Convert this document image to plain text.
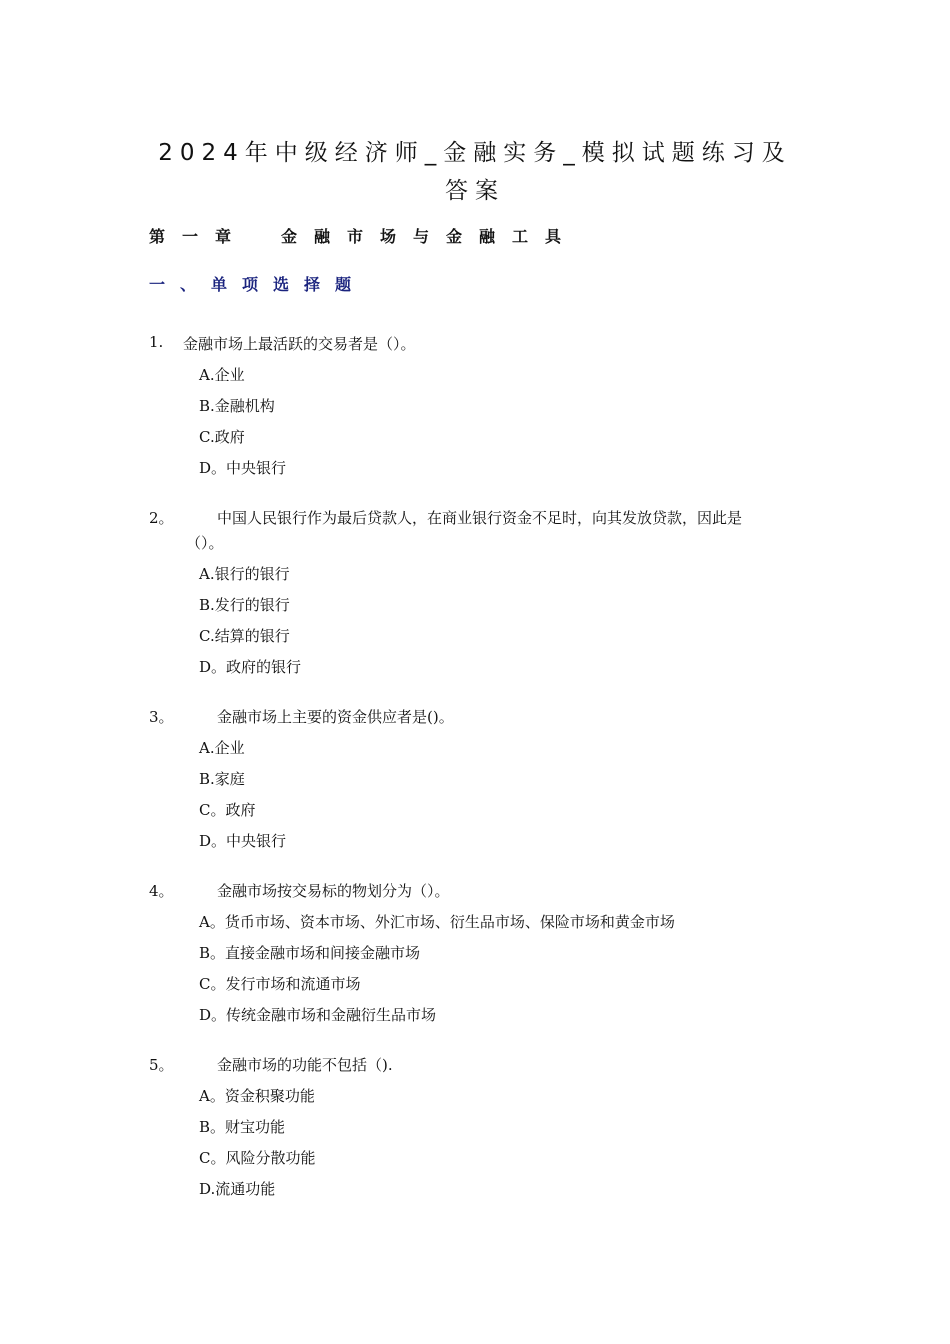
2024年中级经济师_金融实务_模拟试题练习及
答案
第一章　金融市场与金融工具
一、单项选择题
1. 金融市场上最活跃的交易者是（）。
A.企业
B.金融机构
C.政府
D。中央银行
2。	中国人民银行作为最后贷款人，在商业银行资金不足时，向其发放贷款，因此是
（）。
A.银行的银行
B.发行的银行
C.结算的银行
D。政府的银行
3。	金融市场上主要的资金供应者是()。
A.企业
B.家庭
C。政府
D。中央银行
4。	金融市场按交易标的物划分为（）。
A。货币市场、资本市场、外汇市场、衍生品市场、保险市场和黄金市场
B。直接金融市场和间接金融市场
C。发行市场和流通市场
D。传统金融市场和金融衍生品市场
5。	金融市场的功能不包括（).
A。资金积聚功能
B。财宝功能
C。风险分散功能
D.流通功能
